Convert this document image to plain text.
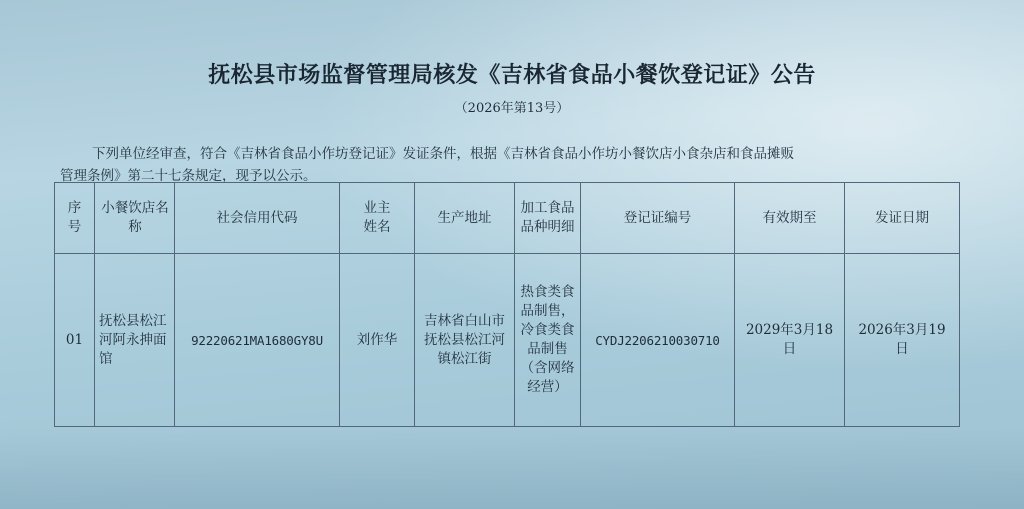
抚松县市场监督管理局核发《吉林省食品小餐饮登记证》公告
（2026年第13号）
下列单位经审查，符合《吉林省食品小作坊登记证》发证条件，根据《吉林省食品小作坊小餐饮店小食杂店和食品摊贩
管理条例》第二十七条规定，现予以公示。
序号	小餐饮店名称	社会信用代码	业主姓名	生产地址	加工食品品种明细	登记证编号	有效期至	发证日期
01	抚松县松江河阿永抻面馆	92220621MA1680GY8U	刘作华	吉林省白山市抚松县松江河镇松江街	热食类食品制售，冷食类食品制售（含网络经营）	CYDJ2206210030710	2029年3月18日	2026年3月19日
